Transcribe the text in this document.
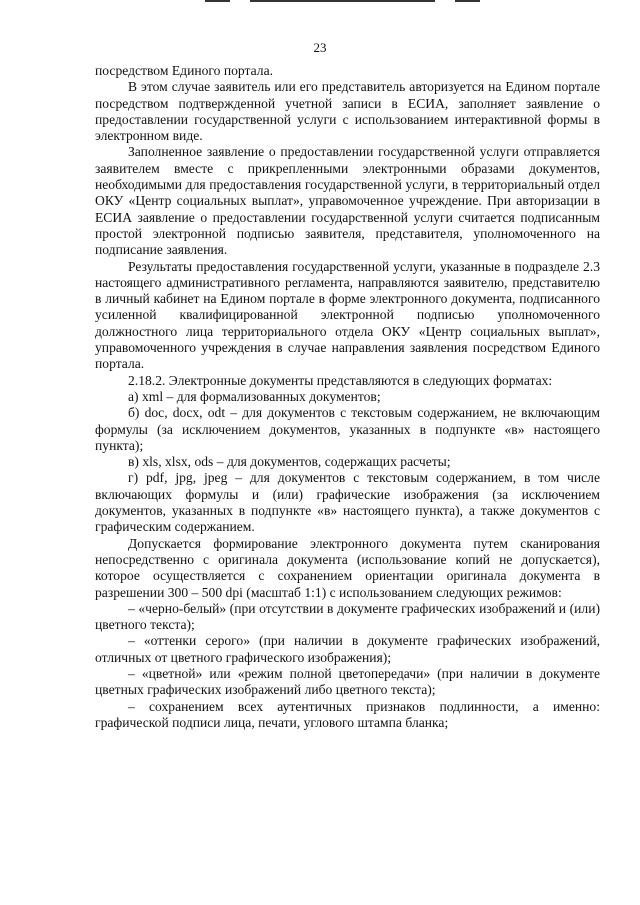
23

посредством Единого портала.

В этом случае заявитель или его представитель авторизуется на Едином портале посредством подтвержденной учетной записи в ЕСИА, заполняет заявление о предоставлении государственной услуги с использованием интерактивной формы в электронном виде.

Заполненное заявление о предоставлении государственной услуги отправляется заявителем вместе с прикрепленными электронными образами документов, необходимыми для предоставления государственной услуги, в территориальный отдел ОКУ «Центр социальных выплат», управомоченное учреждение. При авторизации в ЕСИА заявление о предоставлении государственной услуги считается подписанным простой электронной подписью заявителя, представителя, уполномоченного на подписание заявления.

Результаты предоставления государственной услуги, указанные в подразделе 2.3 настоящего административного регламента, направляются заявителю, представителю в личный кабинет на Едином портале в форме электронного документа, подписанного усиленной квалифицированной электронной подписью уполномоченного должностного лица территориального отдела ОКУ «Центр социальных выплат», управомоченного учреждения в случае направления заявления посредством Единого портала.

2.18.2. Электронные документы представляются в следующих форматах:

а) xml – для формализованных документов;

б) doc, docx, odt – для документов с текстовым содержанием, не включающим формулы (за исключением документов, указанных в подпункте «в» настоящего пункта);

в) xls, xlsx, ods – для документов, содержащих расчеты;

г) pdf, jpg, jpeg – для документов с текстовым содержанием, в том числе включающих формулы и (или) графические изображения (за исключением документов, указанных в подпункте «в» настоящего пункта), а также документов с графическим содержанием.

Допускается формирование электронного документа путем сканирования непосредственно с оригинала документа (использование копий не допускается), которое осуществляется с сохранением ориентации оригинала документа в разрешении 300 – 500 dpi (масштаб 1:1) с использованием следующих режимов:

– «черно-белый» (при отсутствии в документе графических изображений и (или) цветного текста);

– «оттенки серого» (при наличии в документе графических изображений, отличных от цветного графического изображения);

– «цветной» или «режим полной цветопередачи» (при наличии в документе цветных графических изображений либо цветного текста);

– сохранением всех аутентичных признаков подлинности, а именно: графической подписи лица, печати, углового штампа бланка;
